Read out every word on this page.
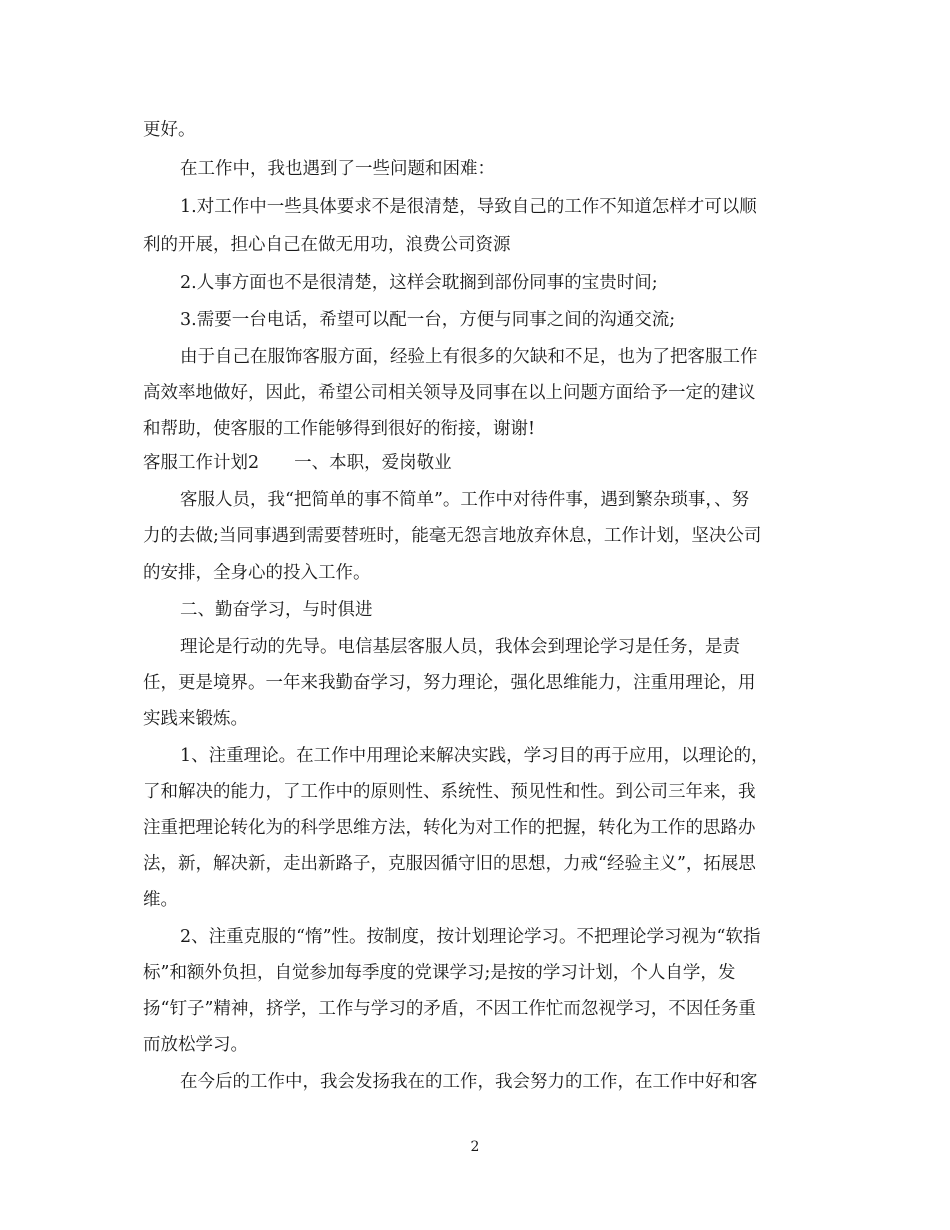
更好。
在工作中，我也遇到了一些问题和困难：
1.对工作中一些具体要求不是很清楚，导致自己的工作不知道怎样才可以顺
利的开展，担心自己在做无用功，浪费公司资源
2.人事方面也不是很清楚，这样会耽搁到部份同事的宝贵时间;
3.需要一台电话，希望可以配一台，方便与同事之间的沟通交流;
由于自己在服饰客服方面，经验上有很多的欠缺和不足，也为了把客服工作
高效率地做好，因此，希望公司相关领导及同事在以上问题方面给予一定的建议
和帮助，使客服的工作能够得到很好的衔接，谢谢!
客服工作计划2　　一、本职，爱岗敬业
客服人员，我“把简单的事不简单”。工作中对待件事，遇到繁杂琐事，、努
力的去做;当同事遇到需要替班时，能毫无怨言地放弃休息，工作计划，坚决公司
的安排，全身心的投入工作。
二、勤奋学习，与时俱进
理论是行动的先导。电信基层客服人员，我体会到理论学习是任务，是责
任，更是境界。一年来我勤奋学习，努力理论，强化思维能力，注重用理论，用
实践来锻炼。
1、注重理论。在工作中用理论来解决实践，学习目的再于应用，以理论的，
了和解决的能力，了工作中的原则性、系统性、预见性和性。到公司三年来，我
注重把理论转化为的科学思维方法，转化为对工作的把握，转化为工作的思路办
法，新，解决新，走出新路子，克服因循守旧的思想，力戒“经验主义”，拓展思
维。
2、注重克服的“惰”性。按制度，按计划理论学习。不把理论学习视为“软指
标”和额外负担，自觉参加每季度的党课学习;是按的学习计划，个人自学，发
扬“钉子”精神，挤学，工作与学习的矛盾，不因工作忙而忽视学习，不因任务重
而放松学习。
在今后的工作中，我会发扬我在的工作，我会努力的工作，在工作中好和客
2
